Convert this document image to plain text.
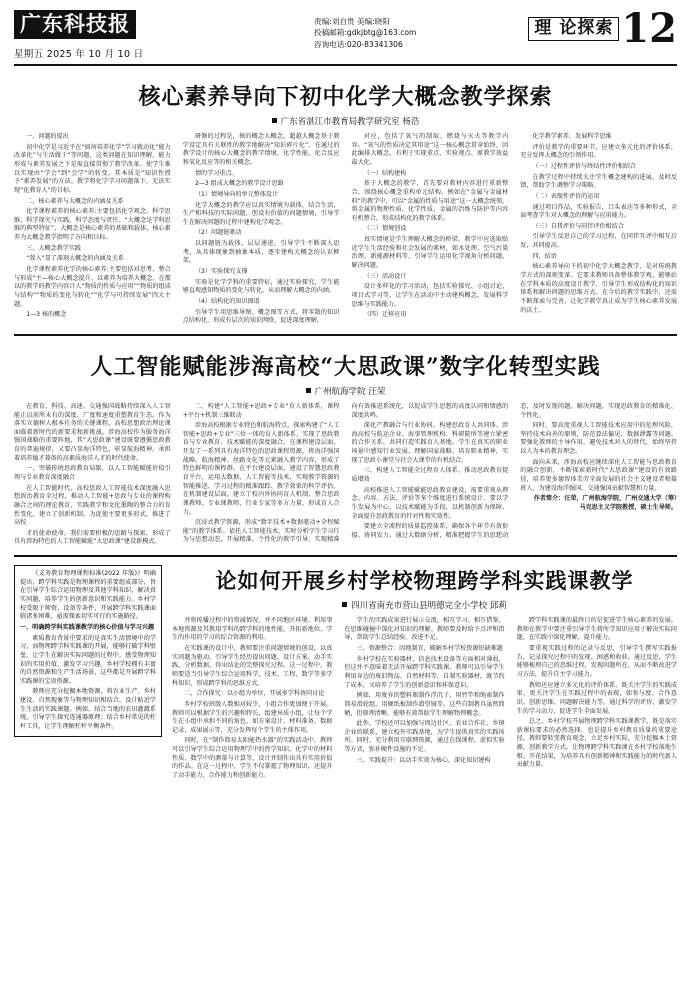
广东科技报
星期五 2025 年 10 月 10 日
责编:刘自贵 美编:晓阳
投稿邮箱:gdkjbtg@163.com
咨询电话:020-83341306
理 论探索 12
核心素养导向下初中化学大概念教学探索
广东省湛江市教育局教学研究室 杨浩

一、问题的提出

初中化学是习近平在“如何培养化学”学习就动化“能力改革化”与生活做于“等问题，这类问题在知识理解、能力形成与素养发展之下是需直接贯彻了教学改革。使学生难以实现由“学会”到“会学”的转变，其本质是“知识性授予”素养发展“的方法。教学将化学学习问题落下，无法实现“化教育人”的目标。

二、核心素养与大概念的内涵及关系

化学课程素养的核心素养:主要包括化学观念、科学思维、科学探究与实践、科学态度与责任。“大概念是学科思维的典型特征”，大概念是核心素养的基础和载体，核心素养为大概念教学指明了方向和目标。

三、大概念教学实践

“置入”显了深刻大概念的内涵及关系

化学课程素养化学的核心素养:主要包括对思考、整合与形成“主—核心大概念提升、以素养为培养大概念。在那以的教学的教学内容计人“物质的性质与应用”“物质的组成与结构”“物质的变化与转化”“化学与可持续发展”四大主题。

1—3 核的概念

研修的过程是，核的概念大概念、超越大概念基于教学设定具有关联性的教学地解决“知识碎片化”。在通过的教学设计的核心大概念的教学情境、化学性能、化合反应和氧化反应等的相关概念。

情的学习重点。

2—3 组成大概念的教学设计思路

（1）情境导向的单元整体设计

化学大概念的教学应以真实情境为载体，结合生活、生产和科技的实际问题，创设有价值的问题情境，引导学生在解决问题的过程中建构化学观念。

（2）问题链驱动

以问题链为载体，层层递进，引导学生不断深入思考，从具体现象到抽象本质，逐步建构大概念的认识框架。

（3）实验探究支撑

实验是化学学科的重要特征，通过实验探究，学生能够直观感知物质的变化与转化，从而理解大概念的内涵。

（4）结构化的知识图谱

引导学生用思维导图、概念图等方式，将零散的知识点结构化，形成有层次的知识网络，促进深度理解。

对应，包括了氧气的制取、燃烧与灭火等教学内容。“氧气的性质决定其用途”这一核心概念贯穿始终，因此编排大概念，有利于实现重点、实验观点、原教学效益最大化。

（一）结构建构

基于大概念的教学，首先要对教材内容进行重新整合，围绕核心概念重构单元结构。例如在“金属与金属材料”的教学中，可以“金属的性质与用途”这一大概念统领，将金属的物理性质、化学性质、金属的冶炼与防护等内容有机整合，形成结构化的教学体系。

（二）情境创设

真实情境是学生理解大概念的桥梁。教学中应选取贴近学生生活经验和社会发展的素材，如水处理、空气污染治理、新能源材料等，引导学生运用化学视角分析问题、解决问题。

（三）活动设计

设计多样化的学习活动，包括实验探究、小组讨论、项目式学习等，让学生在活动中主动建构概念，发展科学思维与实践能力。

（四）迁移应用

化学教学素养、发展科学思维

评价是教学的重要环节，应建立多元化的评价体系，充分发挥大概念的引领作用。

（一）过程性评价与终结性评价相结合

在教学过程中持续关注学生概念建构的进展，及时反馈，帮助学生调整学习策略。

（二）表现性评价的运用

通过项目作品、实验报告、口头表达等多种形式，全面考查学生对大概念的理解与应用能力。

（三）自我评价与同伴评价相结合

引导学生反思自己的学习过程，在同伴互评中相互启发，共同提高。

四、结语

核心素养导向下的初中化学大概念教学，是对传统教学方式的深刻变革。它要求教师具备整体教学观，能够站在学科本质的高度设计教学，引导学生形成结构化的知识体系和解决问题的思维方式。在今后的教学实践中，还需不断探索与完善，让化学教学真正成为学生核心素养发展的沃土。

人工智能赋能涉海高校“大思政课”数字化转型实践
广州航海学院 汪荣

在教育、科技、高速、交通强国战略持续深入人工智能正以前所未有的深度、广度和速度重塑教育生态。作为落实立德树人根本任务的关键课程，高校思想政治理论课面临着新时代的新要求和新挑战。涉海高校作为服务海洋强国战略的重要阵地，其“大思政课”建设既要遵循思政教育的普遍规律，又要凸显海洋特色、彰显航海精神，承担着培养德才兼备的高素质海洋人才的时代使命。

一、突破传统思政教育局限，以人工智能赋能价值引领与专业教育深度融合

在人工智能时代，高校思政人工智能技术深度融入思想政治教育全过程，推动人工智能+思政与专业的课程构融合之间的理论教育、实践教学和文化熏陶的整合力的育性变化，建立了创新机制。为促使主要更多形式，推进了高校

才的使命使命。我们需要积极的思路与探索，形成了具有涉海特色的人工智能赋能“大思政课”建设新模式。

二、构建“人工智能+思政+专业”育人新体系，课程+平台+机制三维联动

涉海高校根据专业特色和航海特点，探索构建了“人工智能+思政+专业”三位一体的育人新体系，实现了思政教育与专业教育、技术赋能的深度融合。在课程建设层面，开发了一系列具有海洋特色的思政课程资源，将海洋强国战略、航海精神、丝路文化等元素融入教学内容，形成了特色鲜明的课程群。在平台建设层面，建设了智慧思政教育平台，运用大数据、人工智能等技术，实现教学资源的智能推送、学习过程的精准跟踪、教学效果的科学评估。在机制建设层面，建立了校内外协同育人机制，整合思政课教师、专业课教师、行业专家等多方力量，形成育人合力。

沉浸式教学资源，形成“数字技术+数据驱动+全程赋能”的教学体系。依托人工智能技术，实时分析学生学习行为与思想动态，开展精准、个性化的教学引导。实现精准向有效推进系统化，以促成学生思想的高度认同和情感的深度共鸣。

深化产教融合与行业协同，构建思政育人共同体。涉海高校与航运企业、海事管理机构、科研院所等建立紧密的合作关系，共同打造实践育人基地。学生在真实的职业场景中感知行业发展、理解国家战略、培育职业精神，实现了思政小课堂与社会大课堂的有机结合。

三、构建人工智能全过程育人体系，推动思政教育提质增效

高校推进人工智能赋能思政教育建设，需要重视从理念、内容、方法、评价等多个维度进行系统设计。要以学生发展为中心，以技术赋能为手段，以机制创新为保障，全面提升思政教育的针对性和实效性。

要建立全流程的质量监控体系，确保各个环节有效衔接、协同发力。通过大数据分析，精准把握学生的思想动态，及时发现问题、解决问题，实现思政教育的精准化、个性化。

同时，要高度重视人工智能技术应用中的伦理风险，坚持技术向善的原则，防范算法偏见、数据泄露等问题。要强化教师的主导作用，避免技术对人的替代，始终坚持以人为本的教育理念。

面向未来，涉海高校应继续深化人工智能与思政教育的融合创新，不断探索新时代“大思政课”建设的有效路径，培养更多德智体美劳全面发展的社会主义建设者和接班人，为建设海洋强国、交通强国贡献智慧和力量。

作者简介：汪荣，广州航海学院，广州交通大学（筹）马克思主义学院教授，硕士生导师。

《义务教育物理课程标准(2022 年版)》明确提出，跨学科实践是物理课程的重要组成部分，旨在引导学生综合运用物理及其他学科知识，解决真实问题，培养学生的创新意识和实践能力。乡村学校受限于师资、设备等条件，开展跨学科实践课面临诸多困难，亟需探索切实可行的实施路径。

一、明确跨学科实践课教学的核心价值与学习兴趣

素质教育背景中要求的是真实生活情境中的学习，而物理跨学科实践课的开展，能够打破学科壁垒，让学生在解决实际问题的过程中，感受物理知识的实用价值，激发学习兴趣。乡村学校拥有丰富的自然资源和生产生活场景，这些都是开展跨学科实践课的宝贵资源。

教师应充分挖掘本地资源，将农业生产、乡村建设、自然现象等与物理知识相结合，设计贴近学生生活的实践课题。例如，结合当地的农田灌溉系统，引导学生探究连通器原理；结合乡村常见的杠杆工具，让学生理解杠杆平衡条件。

论如何开展乡村学校物理跨学科实践课教学
四川省南充市营山县明德完全小学校 邱莉

并将传播过程中的资减情况，并不同地区环境。利用事本地资源及其教用学科的跨学科的地性能，开拓新地位，学生的作用的学习的综合资源的利用。

在实践课的设计中，教师要注重问题情境的创设，以真实问题为驱动，引导学生经历提出问题、设计方案、动手实践、分析数据、得出结论的完整探究过程。这一过程中，教师要适当引导学生综合运用科学、技术、工程、数学等多学科知识，形成跨学科的思维方式。

二、合作探究：以小组为单位，开展多学科协同讨论

乡村学校班级人数相对较少，小组合作更加便于开展。教师可以根据学生的兴趣和特长，组建异质小组，让每个学生在小组中承担不同的角色，如方案设计、材料准备、数据记录、成果展示等，充分发挥每个学生的主体作用。

同时，在“制作简易太阳能热水器”的实践活动中，教师可以引导学生综合运用物理学中的热学知识、化学中的材料性质、数学中的测量与计算等，设计并制作出具有实用价值的作品。在这一过程中，学生不仅掌握了物理知识，还提升了动手能力、合作能力和创新能力。

学生的实践成果进行展示交流，相互学习、相互借鉴，在思维碰撞中深化对知识的理解。教师要及时给予点评和指导，帮助学生总结经验、改进不足。

三、资源整合：因地制宜，破解乡村学校资源短缺难题

乡村学校在实验器材、信息技术设备等方面相对薄弱，但这并不意味着无法开展跨学科实践课。教师可以引导学生利用身边的废旧物品、自然材料等，自制实验器材，既节约了成本，又培养了学生的创新意识和环保意识。

例如，用废弃的塑料瓶制作浮沉子，用竹竿和绳索制作简易滑轮组，用硬纸板制作潜望镜等。这些自制教具虽然简陋，但原理清晰，能够有效帮助学生理解物理概念。

此外，学校还可以加强与周边社区、农业合作社、乡镇企业的联系，建立校外实践基地，为学生提供真实的实践场所。同时，充分利用互联网资源，通过在线课程、虚拟实验等方式，弥补硬件设施的不足。

三、实践提升：以动手实效为核心，深化知识建构

跨学科实践课的最终目的是促进学生核心素养的发展。教师在教学中要注重引导学生将所学知识应用于解决实际问题，在实践中深化理解、提升能力。

要重视实践过程的记录与反思，引导学生撰写实践报告，记录探究过程中的发现、困惑和收获。通过反思，学生能够梳理自己的思维过程，发现问题所在，从而不断改进学习方法，提升自主学习能力。

教师还应建立多元化的评价体系，既关注学生的实践成果，更关注学生在实践过程中的表现，如参与度、合作意识、创新思维、问题解决能力等。通过科学的评价，激发学生的学习动力，促进学生全面发展。

总之，乡村学校开展物理跨学科实践课教学，既是落实新课标要求的必然选择，也是提升乡村教育质量的重要途径。教师要转变教育观念，立足乡村实际，充分挖掘本土资源，创新教学方式，让物理跨学科实践课在乡村学校落地生根、开花结果，为培养具有创新精神和实践能力的时代新人贡献力量。
